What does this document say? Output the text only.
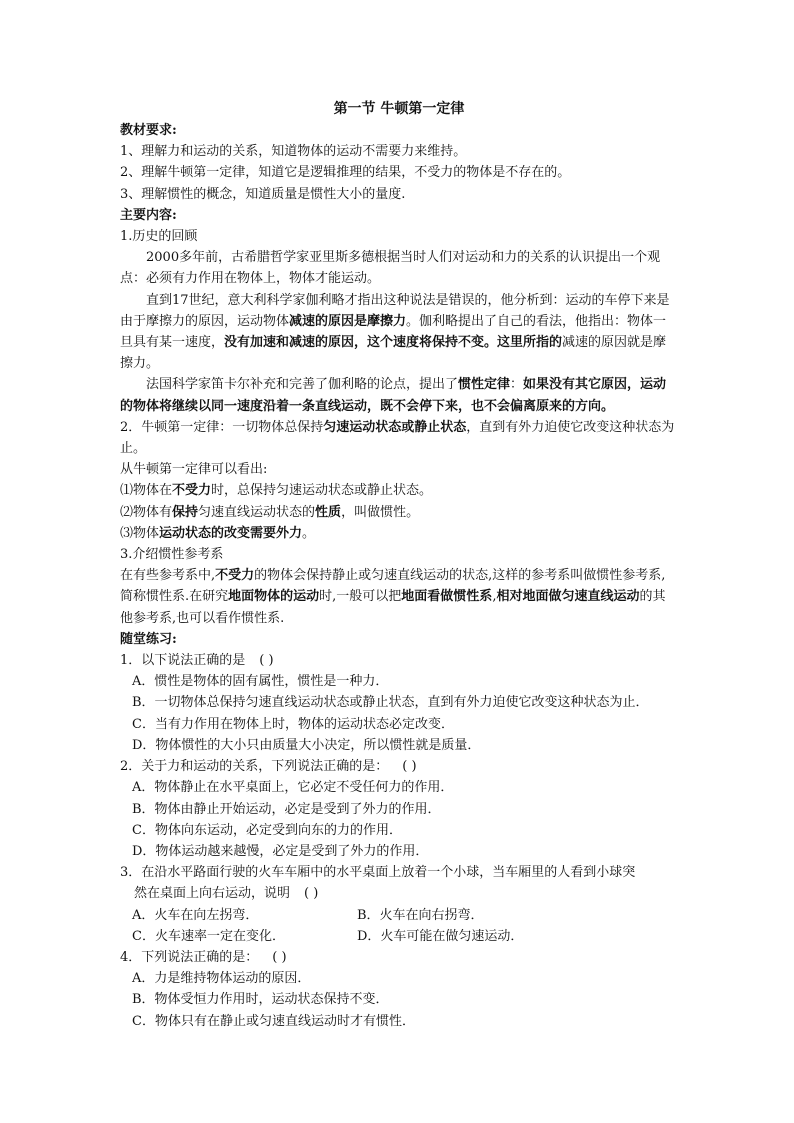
第一节 牛顿第一定律
教材要求:
1、理解力和运动的关系，知道物体的运动不需要力来维持。
2、理解牛顿第一定律，知道它是逻辑推理的结果，不受力的物体是不存在的。
3、理解惯性的概念，知道质量是惯性大小的量度.
主要内容:
1.历史的回顾
2000多年前，古希腊哲学家亚里斯多德根据当时人们对运动和力的关系的认识提出一个观点：必须有力作用在物体上，物体才能运动。
直到17世纪，意大利科学家伽利略才指出这种说法是错误的，他分析到：运动的车停下来是由于摩擦力的原因，运动物体减速的原因是摩擦力。伽利略提出了自己的看法，他指出：物体一旦具有某一速度，没有加速和减速的原因，这个速度将保持不变。这里所指的减速的原因就是摩擦力。
法国科学家笛卡尔补充和完善了伽利略的论点，提出了惯性定律：如果没有其它原因，运动的物体将继续以同一速度沿着一条直线运动，既不会停下来，也不会偏离原来的方向。
2．牛顿第一定律：一切物体总保持匀速运动状态或静止状态，直到有外力迫使它改变这种状态为止。
从牛顿第一定律可以看出:
⑴物体在不受力时，总保持匀速运动状态或静止状态。
⑵物体有保持匀速直线运动状态的性质，叫做惯性。
⑶物体运动状态的改变需要外力。
3.介绍惯性参考系
在有些参考系中,不受力的物体会保持静止或匀速直线运动的状态,这样的参考系叫做惯性参考系,简称惯性系.在研究地面物体的运动时,一般可以把地面看做惯性系,相对地面做匀速直线运动的其他参考系,也可以看作惯性系.
随堂练习:
1．以下说法正确的是 ( )
A．惯性是物体的固有属性，惯性是一种力．
B．一切物体总保持匀速直线运动状态或静止状态，直到有外力迫使它改变这种状态为止．
C．当有力作用在物体上时，物体的运动状态必定改变．
D．物体惯性的大小只由质量大小决定，所以惯性就是质量．
2．关于力和运动的关系，下列说法正确的是： ( )
A．物体静止在水平桌面上，它必定不受任何力的作用．
B．物体由静止开始运动，必定是受到了外力的作用．
C．物体向东运动，必定受到向东的力的作用．
D．物体运动越来越慢，必定是受到了外力的作用．
3．在沿水平路面行驶的火车车厢中的水平桌面上放着一个小球，当车厢里的人看到小球突
然在桌面上向右运动，说明 ( )
A．火车在向左拐弯．	B．火车在向右拐弯．
C．火车速率一定在变化．	D．火车可能在做匀速运动．
4．下列说法正确的是： ( )
A．力是维持物体运动的原因．
B．物体受恒力作用时，运动状态保持不变．
C．物体只有在静止或匀速直线运动时才有惯性．
